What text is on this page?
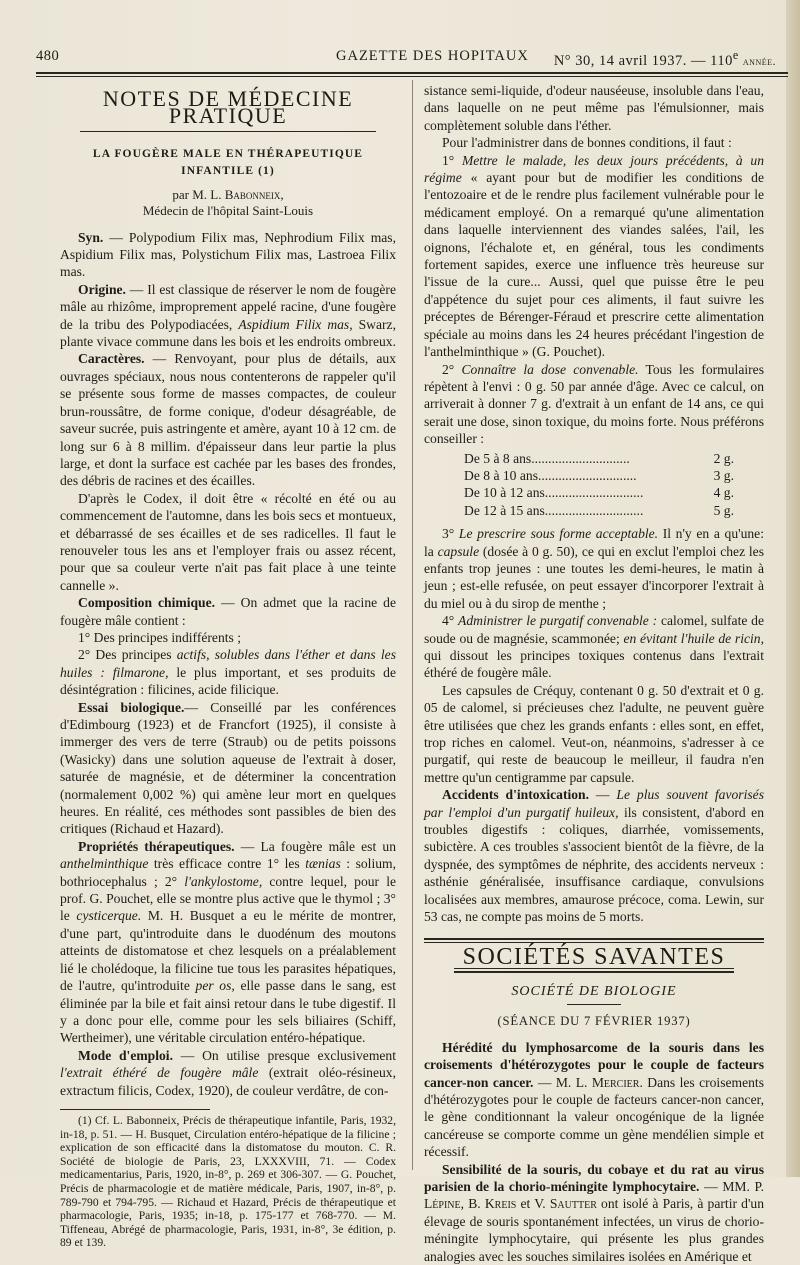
480	GAZETTE DES HOPITAUX N° 30, 14 avril 1937. — 110e année.
NOTES DE MÉDECINE PRATIQUE
LA FOUGÈRE MALE EN THÉRAPEUTIQUE INFANTILE (1)
par M. L. Babonneix,
Médecin de l'hôpital Saint-Louis

Syn. — Polypodium Filix mas, Nephrodium Filix mas, Aspidium Filix mas, Polystichum Filix mas, Lastroea Filix mas.

Origine. — Il est classique de réserver le nom de fougère mâle au rhizôme, improprement appelé racine, d'une fougère de la tribu des Polypodiacées, Aspidium Filix mas, Swarz, plante vivace commune dans les bois et les endroits ombreux.

Caractères. — Renvoyant, pour plus de détails, aux ouvrages spéciaux, nous nous contenterons de rappeler qu'il se présente sous forme de masses compactes, de couleur brun-roussâtre, de forme conique, d'odeur désagréable, de saveur sucrée, puis astringente et amère, ayant 10 à 12 cm. de long sur 6 à 8 millim. d'épaisseur dans leur partie la plus large, et dont la surface est cachée par les bases des frondes, des débris de racines et des écailles.

D'après le Codex, il doit être « récolté en été ou au commencement de l'automne, dans les bois secs et montueux, et débarrassé de ses écailles et de ses radicelles. Il faut le renouveler tous les ans et l'employer frais ou assez récent, pour que sa couleur verte n'ait pas fait place à une teinte cannelle ».

Composition chimique. — On admet que la racine de fougère mâle contient :

1° Des principes indifférents ;

2° Des principes actifs, solubles dans l'éther et dans les huiles : filmarone, le plus important, et ses produits de désintégration : filicines, acide filicique.

Essai biologique.— Conseillé par les conférences d'Edimbourg (1923) et de Francfort (1925), il consiste à immerger des vers de terre (Straub) ou de petits poissons (Wasicky) dans une solution aqueuse de l'extrait à doser, saturée de magnésie, et de déterminer la concentration (normalement 0,002 %) qui amène leur mort en quelques heures. En réalité, ces méthodes sont passibles de bien des critiques (Richaud et Hazard).

Propriétés thérapeutiques. — La fougère mâle est un anthelminthique très efficace contre 1° les tænias : solium, bothriocephalus ; 2° l'ankylostome, contre lequel, pour le prof. G. Pouchet, elle se montre plus active que le thymol ; 3° le cysticerque. M. H. Busquet a eu le mérite de montrer, d'une part, qu'introduite dans le duodénum des moutons atteints de distomatose et chez lesquels on a préalablement lié le cholédoque, la filicine tue tous les parasites hépatiques, de l'autre, qu'introduite per os, elle passe dans le sang, est éliminée par la bile et fait ainsi retour dans le tube digestif. Il y a donc pour elle, comme pour les sels biliaires (Schiff, Wertheimer), une véritable circulation entéro-hépatique.

Mode d'emploi. — On utilise presque exclusivement l'extrait éthéré de fougère mâle (extrait oléo-résineux, extractum filicis, Codex, 1920), de couleur verdâtre, de con-

(1) Cf. L. Babonneix, Précis de thérapeutique infantile, Paris, 1932, in-18, p. 51. — H. Busquet, Circulation entéro-hépatique de la filicine ; explication de son efficacité dans la distomatose du mouton. C. R. Société de biologie de Paris, 23, LXXXVIII, 71. — Codex medicamentarius, Paris, 1920, in-8°, p. 269 et 306-307. — G. Pouchet, Précis de pharmacologie et de matière médicale, Paris, 1907, in-8°, p. 789-790 et 794-795. — Richaud et Hazard, Précis de thérapeutique et pharmacologie, Paris, 1935; in-18, p. 175-177 et 768-770. — M. Tiffeneau, Abrégé de pharmacologie, Paris, 1931, in-8°, 3e édition, p. 89 et 139.

sistance semi-liquide, d'odeur nauséeuse, insoluble dans l'eau, dans laquelle on ne peut même pas l'émulsionner, mais complètement soluble dans l'éther.

Pour l'administrer dans de bonnes conditions, il faut :

1° Mettre le malade, les deux jours précédents, à un régime « ayant pour but de modifier les conditions de l'entozoaire et de le rendre plus facilement vulnérable pour le médicament employé. On a remarqué qu'une alimentation dans laquelle interviennent des viandes salées, l'ail, les oignons, l'échalote et, en général, tous les condiments fortement sapides, exerce une influence très heureuse sur l'issue de la cure... Aussi, quel que puisse être le peu d'appétence du sujet pour ces aliments, il faut suivre les préceptes de Bérenger-Féraud et prescrire cette alimentation spéciale au moins dans les 24 heures précédant l'ingestion de l'anthelminthique » (G. Pouchet).

2° Connaître la dose convenable. Tous les formulaires répètent à l'envi : 0 g. 50 par année d'âge. Avec ce calcul, on arriverait à donner 7 g. d'extrait à un enfant de 14 ans, ce qui serait une dose, sinon toxique, du moins forte. Nous préférons conseiller :

De 5 à 8 ans.............................	2 g.
De 8 à 10 ans.............................	3 g.
De 10 à 12 ans.............................	4 g.
De 12 à 15 ans.............................	5 g.

3° Le prescrire sous forme acceptable. Il n'y en a qu'une: la capsule (dosée à 0 g. 50), ce qui en exclut l'emploi chez les enfants trop jeunes : une toutes les demi-heures, le matin à jeun ; est-elle refusée, on peut essayer d'incorporer l'extrait à du miel ou à du sirop de menthe ;

4° Administrer le purgatif convenable : calomel, sulfate de soude ou de magnésie, scammonée; en évitant l'huile de ricin, qui dissout les principes toxiques contenus dans l'extrait éthéré de fougère mâle.

Les capsules de Créquy, contenant 0 g. 50 d'extrait et 0 g. 05 de calomel, si précieuses chez l'adulte, ne peuvent guère être utilisées que chez les grands enfants : elles sont, en effet, trop riches en calomel. Veut-on, néanmoins, s'adresser à ce purgatif, qui reste de beaucoup le meilleur, il faudra n'en mettre qu'un centigramme par capsule.

Accidents d'intoxication. — Le plus souvent favorisés par l'emploi d'un purgatif huileux, ils consistent, d'abord en troubles digestifs : coliques, diarrhée, vomissements, subictère. A ces troubles s'associent bientôt de la fièvre, de la dyspnée, des symptômes de néphrite, des accidents nerveux : asthénie généralisée, insuffisance cardiaque, convulsions localisées aux membres, amaurose précoce, coma. Lewin, sur 53 cas, ne compte pas moins de 5 morts.

SOCIÉTÉS SAVANTES
SOCIÉTÉ DE BIOLOGIE
(SÉANCE DU 7 FÉVRIER 1937)

Hérédité du lymphosarcome de la souris dans les croisements d'hétérozygotes pour le couple de facteurs cancer-non cancer. — M. L. Mercier. Dans les croisements d'hétérozygotes pour le couple de facteurs cancer-non cancer, le gène conditionnant la valeur oncogénique de la lignée cancéreuse se comporte comme un gène mendélien simple et récessif.

Sensibilité de la souris, du cobaye et du rat au virus parisien de la chorio-méningite lymphocytaire. — MM. P. Lépine, B. Kreis et V. Sautter ont isolé à Paris, à partir d'un élevage de souris spontanément infectées, un virus de chorio-méningite lymphocytaire, qui présente les plus grandes analogies avec les souches similaires isolées en Amérique et
